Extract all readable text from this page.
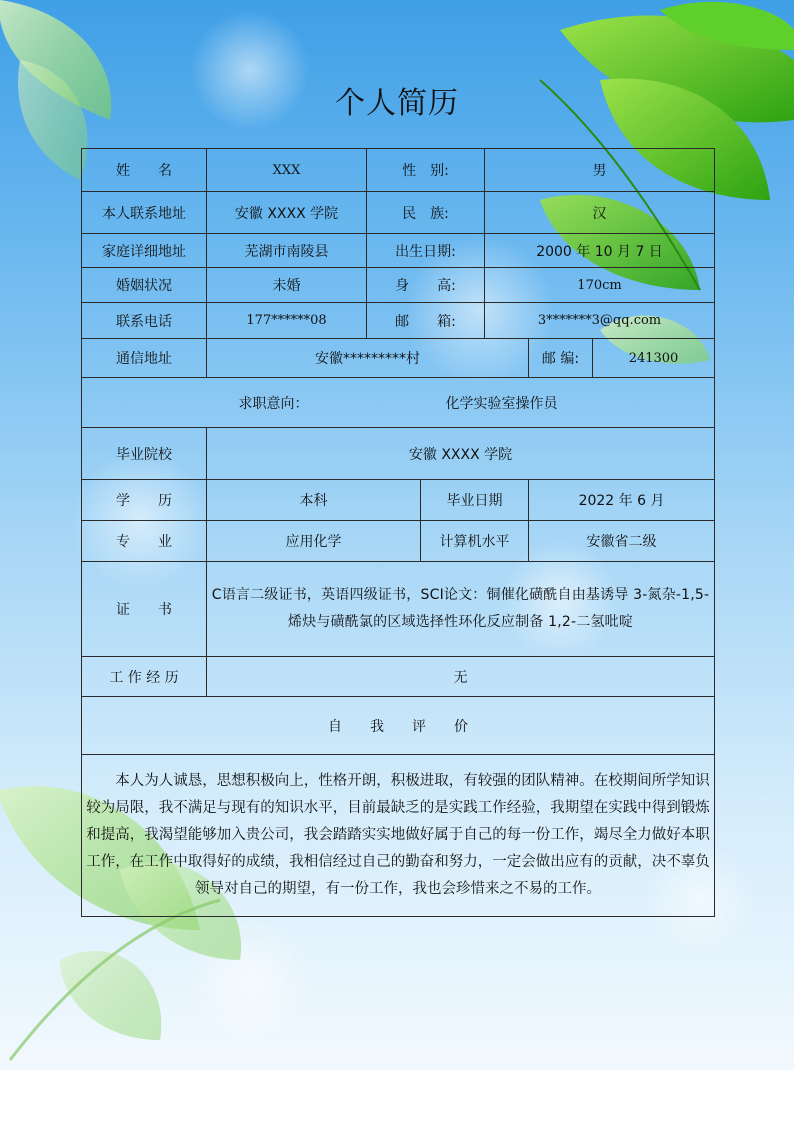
个人简历
姓　　名	XXX	性　别:		男		
本人联系地址	安徽 XXXX 学院	民　族:		汉		
家庭详细地址	芜湖市南陵县	出生日期:		2000 年 10 月 7 日		
婚姻状况	未婚	身　　高:		170cm		
联系电话	177******08	邮　　箱:		3*******3@qq.com		
通信地址	安徽*********村				邮 编:	241300
求职意向： 化学实验室操作员						
毕业院校	安徽 XXXX 学院					
学　　历	本科		毕业日期		2022 年 6 月	
专　　业	应用化学		计算机水平		安徽省二级	
证　　书	C语言二级证书，英语四级证书，SCI论文：铜催化磺酰自由基诱导 3-氮杂-1,5-烯炔与磺酰氯的区域选择性环化反应制备 1,2-二氢吡啶					
工 作 经 历	无					
自　　我　　评　　价						
　　本人为人诚恳，思想积极向上，性格开朗，积极进取，有较强的团队精神。在校期间所学知识较为局限，我不满足与现有的知识水平，目前最缺乏的是实践工作经验，我期望在实践中得到锻炼和提高，我渴望能够加入贵公司，我会踏踏实实地做好属于自己的每一份工作，竭尽全力做好本职工作，在工作中取得好的成绩，我相信经过自己的勤奋和努力，一定会做出应有的贡献，决不辜负领导对自己的期望，有一份工作，我也会珍惜来之不易的工作。						
